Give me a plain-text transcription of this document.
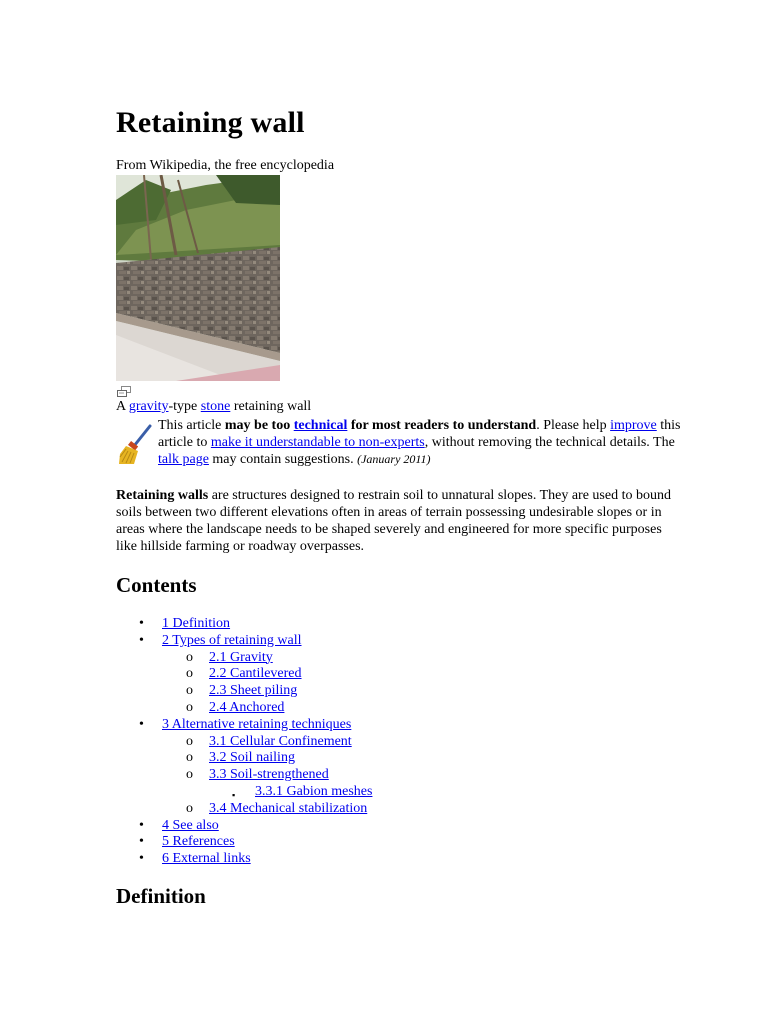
Retaining wall
From Wikipedia, the free encyclopedia
A gravity-type stone retaining wall
This article may be too technical for most readers to understand. Please help improve this article to make it understandable to non-experts, without removing the technical details. The talk page may contain suggestions. (January 2011)

Retaining walls are structures designed to restrain soil to unnatural slopes. They are used to bound soils between two different elevations often in areas of terrain possessing undesirable slopes or in areas where the landscape needs to be shaped severely and engineered for more specific purposes like hillside farming or roadway overpasses.

Contents
• 1 Definition
• 2 Types of retaining wall
o 2.1 Gravity
o 2.2 Cantilevered
o 2.3 Sheet piling
o 2.4 Anchored
• 3 Alternative retaining techniques
o 3.1 Cellular Confinement
o 3.2 Soil nailing
o 3.3 Soil-strengthened
▪ 3.3.1 Gabion meshes
o 3.4 Mechanical stabilization
• 4 See also
• 5 References
• 6 External links
Definition
